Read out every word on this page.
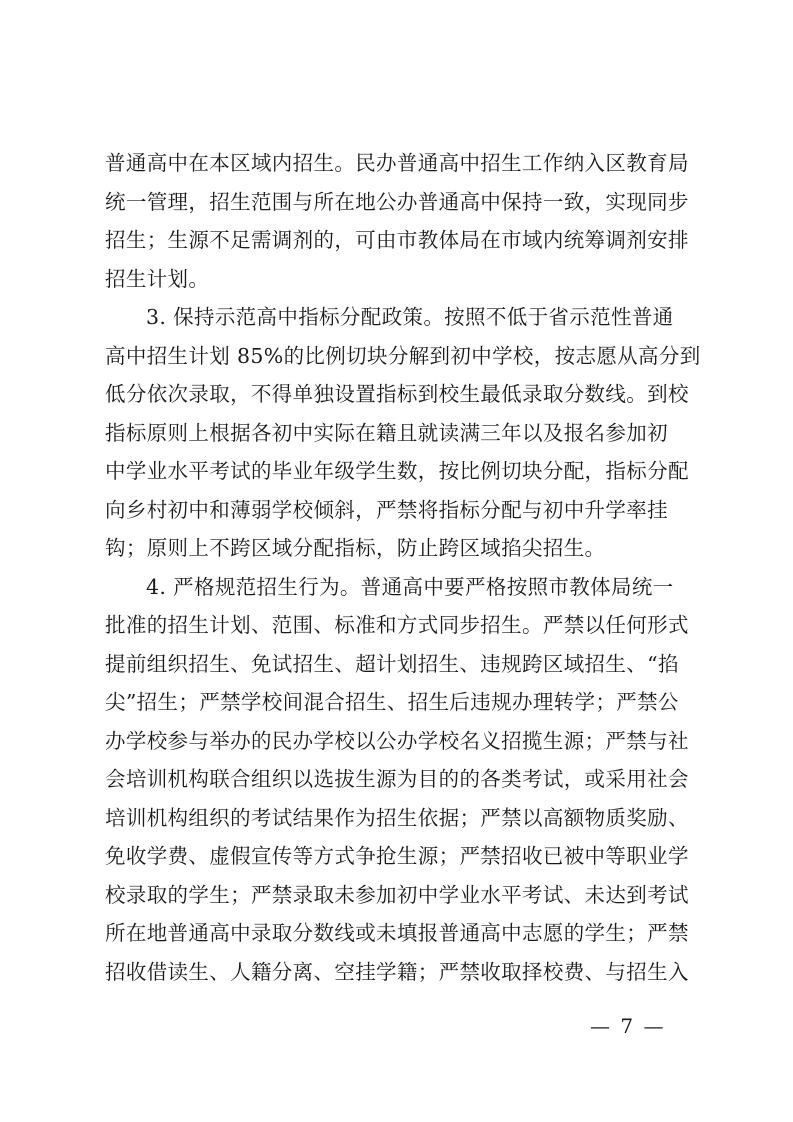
普通高中在本区域内招生。民办普通高中招生工作纳入区教育局
统一管理，招生范围与所在地公办普通高中保持一致，实现同步
招生；生源不足需调剂的，可由市教体局在市域内统筹调剂安排
招生计划。
3. 保持示范高中指标分配政策。按照不低于省示范性普通
高中招生计划 85%的比例切块分解到初中学校，按志愿从高分到
低分依次录取，不得单独设置指标到校生最低录取分数线。到校
指标原则上根据各初中实际在籍且就读满三年以及报名参加初
中学业水平考试的毕业年级学生数，按比例切块分配，指标分配
向乡村初中和薄弱学校倾斜，严禁将指标分配与初中升学率挂
钩；原则上不跨区域分配指标，防止跨区域掐尖招生。
4. 严格规范招生行为。普通高中要严格按照市教体局统一
批准的招生计划、范围、标准和方式同步招生。严禁以任何形式
提前组织招生、免试招生、超计划招生、违规跨区域招生、“掐
尖”招生；严禁学校间混合招生、招生后违规办理转学；严禁公
办学校参与举办的民办学校以公办学校名义招揽生源；严禁与社
会培训机构联合组织以选拔生源为目的的各类考试，或采用社会
培训机构组织的考试结果作为招生依据；严禁以高额物质奖励、
免收学费、虚假宣传等方式争抢生源；严禁招收已被中等职业学
校录取的学生；严禁录取未参加初中学业水平考试、未达到考试
所在地普通高中录取分数线或未填报普通高中志愿的学生；严禁
招收借读生、人籍分离、空挂学籍；严禁收取择校费、与招生入
— 7 —
